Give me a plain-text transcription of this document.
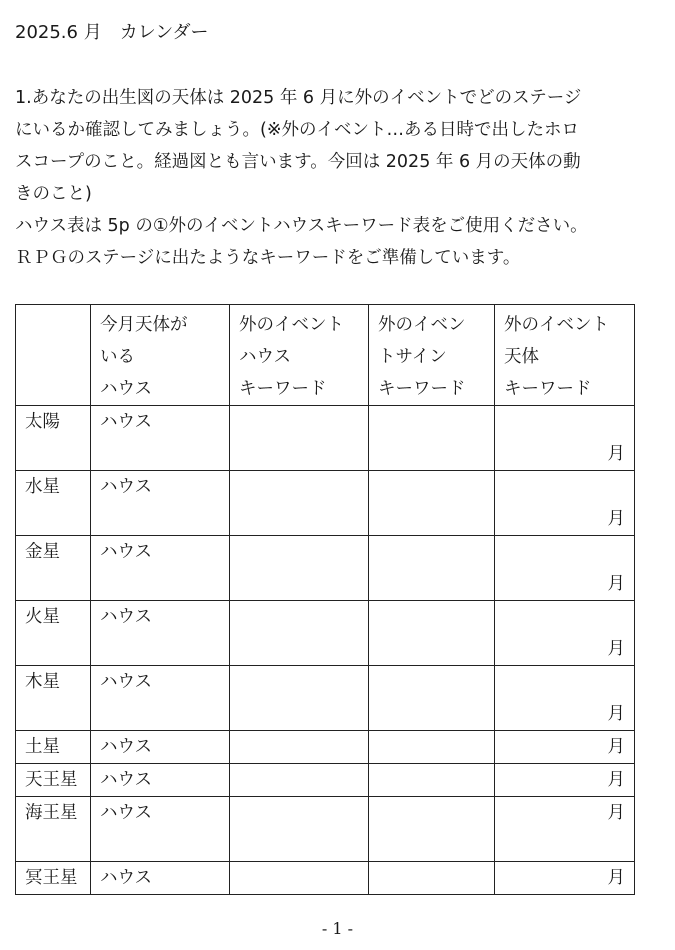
2025.6 月　カレンダー

1.あなたの出生図の天体は 2025 年 6 月に外のイベントでどのステージ

にいるか確認してみましょう。(※外のイベント…ある日時で出したホロ

スコープのこと。経過図とも言います。今回は 2025 年 6 月の天体の動

きのこと)

ハウス表は 5p の①外のイベントハウスキーワード表をご使用ください。

ＲＰＧのステージに出たようなキーワードをご準備しています。

	今月天体が
いる
ハウス	外のイベント
ハウス
キーワード	外のイベン
トサイン
キーワード	外のイベント
天体
キーワード

太陽	ハウス			月

水星	ハウス			月

金星	ハウス			月

火星	ハウス			月

木星	ハウス			月

土星	ハウス			月

天王星	ハウス			月

海王星	ハウス			月
冥王星	ハウス			月
- 1 -
